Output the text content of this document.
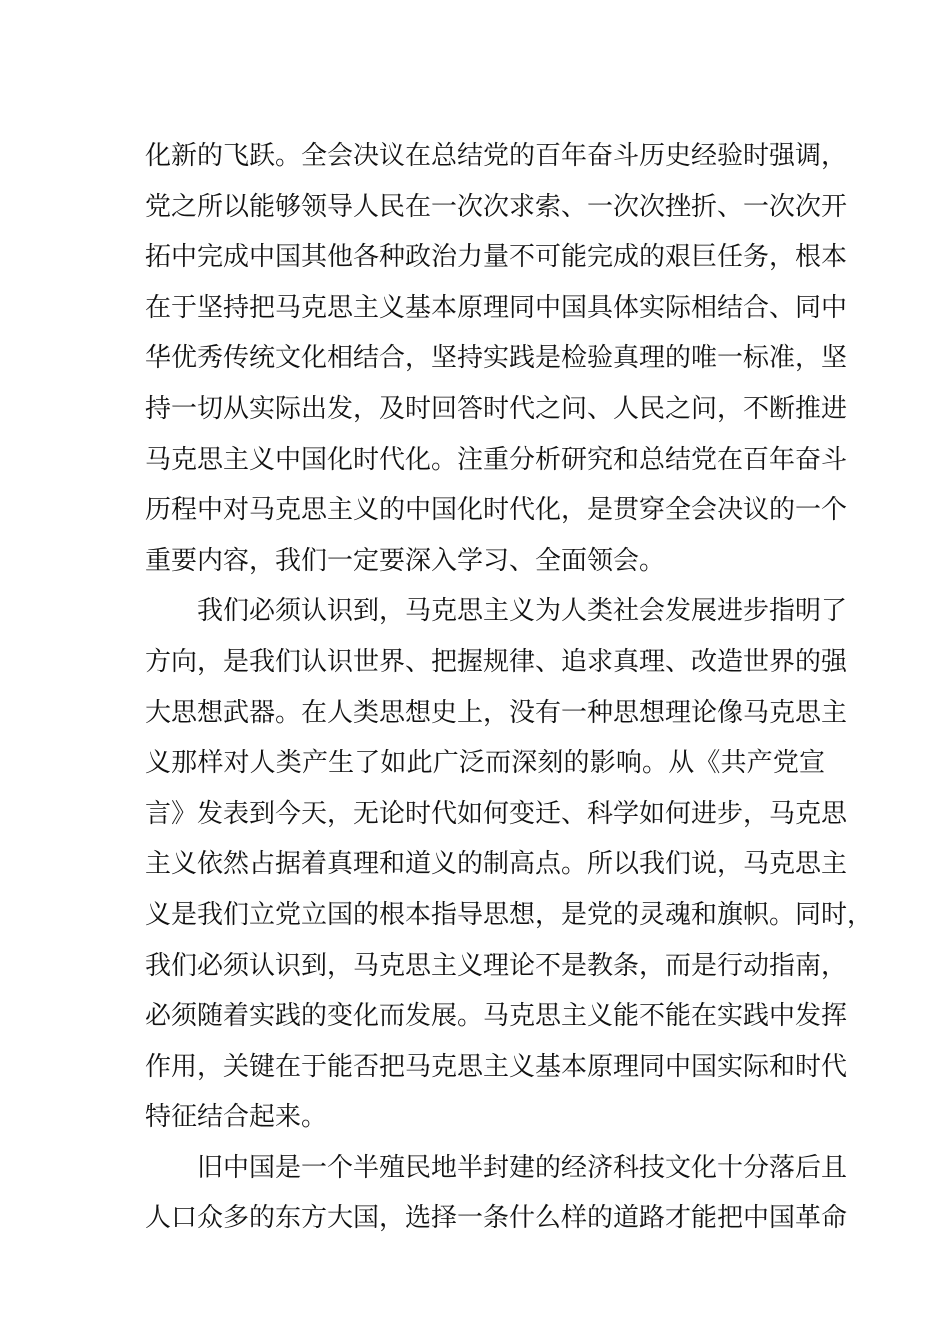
化新的飞跃。全会决议在总结党的百年奋斗历史经验时强调，
党之所以能够领导人民在一次次求索、一次次挫折、一次次开
拓中完成中国其他各种政治力量不可能完成的艰巨任务，根本
在于坚持把马克思主义基本原理同中国具体实际相结合、同中
华优秀传统文化相结合，坚持实践是检验真理的唯一标准，坚
持一切从实际出发，及时回答时代之问、人民之问，不断推进
马克思主义中国化时代化。注重分析研究和总结党在百年奋斗
历程中对马克思主义的中国化时代化，是贯穿全会决议的一个
重要内容，我们一定要深入学习、全面领会。
我们必须认识到，马克思主义为人类社会发展进步指明了
方向，是我们认识世界、把握规律、追求真理、改造世界的强
大思想武器。在人类思想史上，没有一种思想理论像马克思主
义那样对人类产生了如此广泛而深刻的影响。从《共产党宣
言》发表到今天，无论时代如何变迁、科学如何进步，马克思
主义依然占据着真理和道义的制高点。所以我们说，马克思主
义是我们立党立国的根本指导思想，是党的灵魂和旗帜。同时，
我们必须认识到，马克思主义理论不是教条，而是行动指南，
必须随着实践的变化而发展。马克思主义能不能在实践中发挥
作用，关键在于能否把马克思主义基本原理同中国实际和时代
特征结合起来。
旧中国是一个半殖民地半封建的经济科技文化十分落后且
人口众多的东方大国，选择一条什么样的道路才能把中国革命
